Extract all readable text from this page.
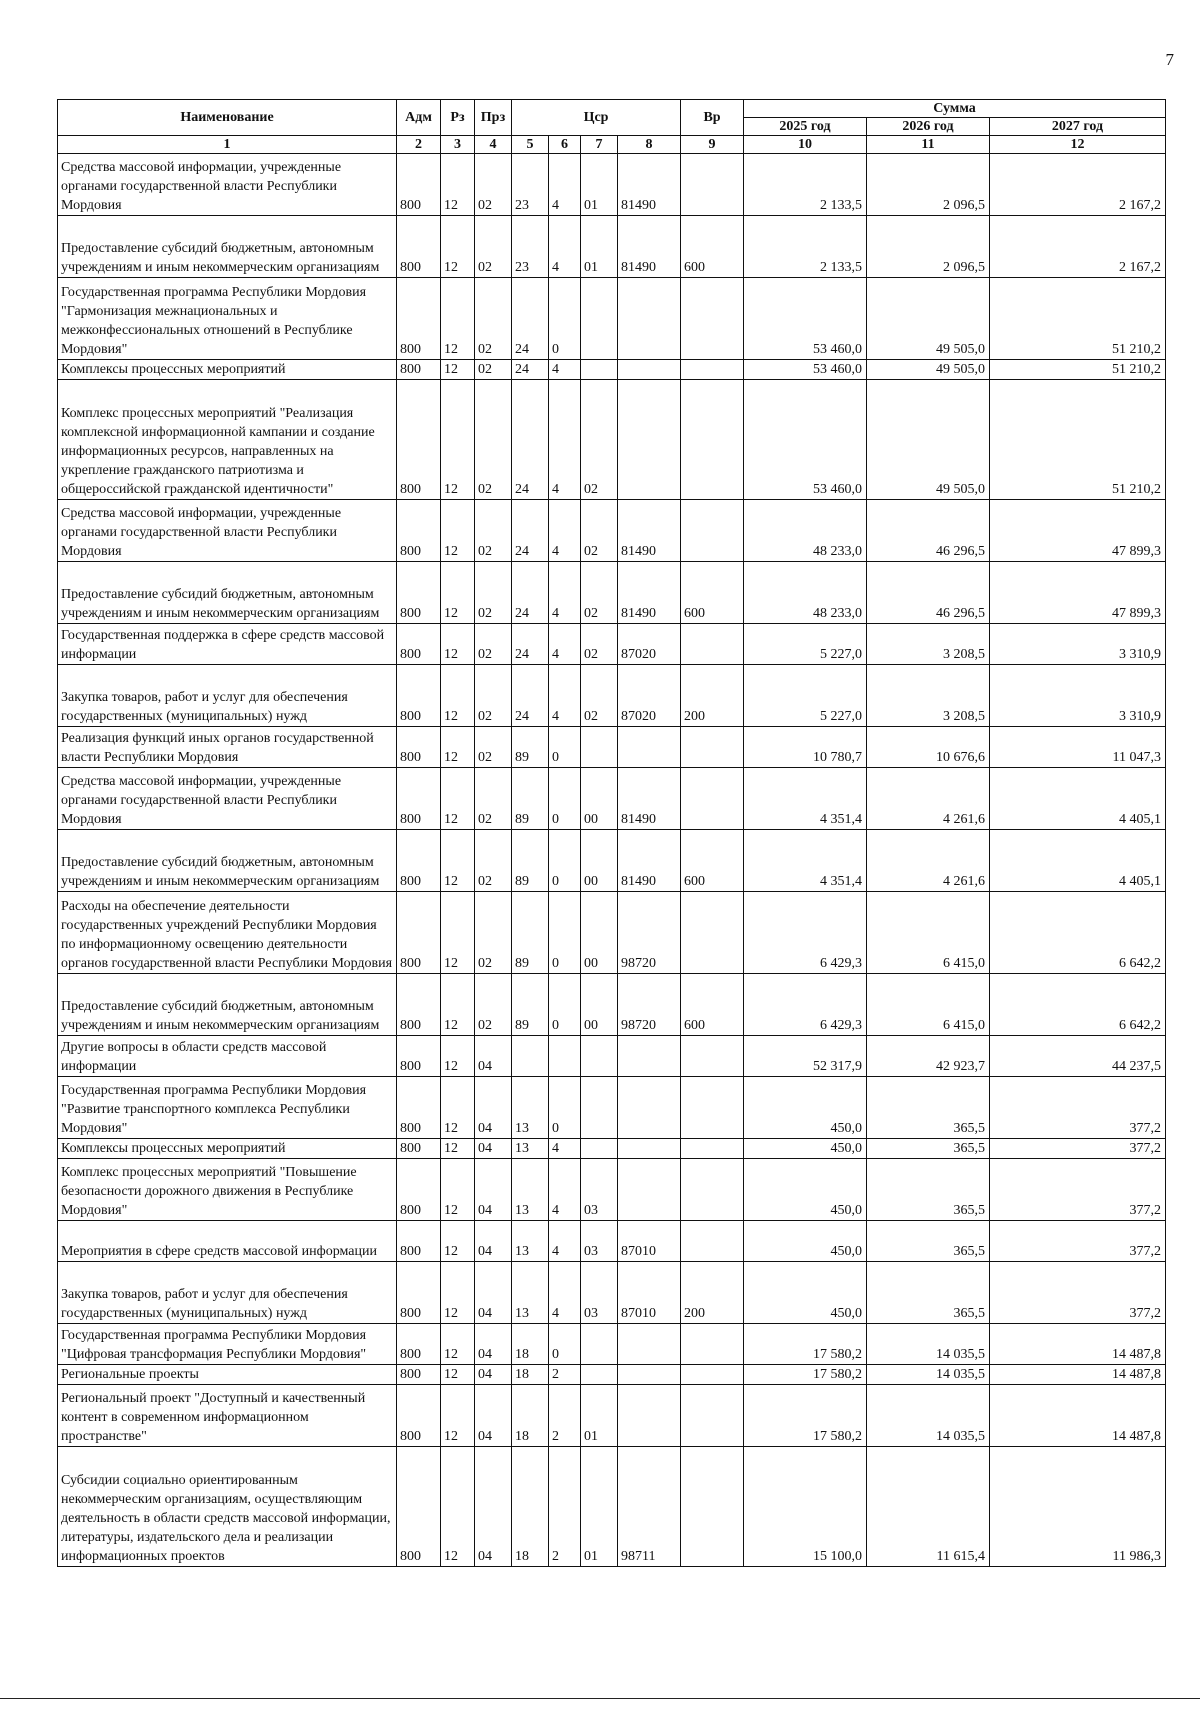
7
Наименование	Адм	Рз	Прз	Цср				Вр	Сумма		
									2025 год	2026 год	2027 год
1	2	3	4	5	6	7	8	9	10	11	12
Средства массовой информации, учрежденные органами государственной власти Республики Мордовия	800	12	02	23	4	01	81490		2 133,5	2 096,5	2 167,2
Предоставление субсидий бюджетным, автономным учреждениям и иным некоммерческим организациям	800	12	02	23	4	01	81490	600	2 133,5	2 096,5	2 167,2
Государственная программа Республики Мордовия "Гармонизация межнациональных и межконфессиональных отношений в Республике Мордовия"	800	12	02	24	0				53 460,0	49 505,0	51 210,2
Комплексы процессных мероприятий	800	12	02	24	4				53 460,0	49 505,0	51 210,2
Комплекс процессных мероприятий "Реализация комплексной информационной кампании и создание информационных ресурсов, направленных на укрепление гражданского патриотизма и общероссийской гражданской идентичности"	800	12	02	24	4	02			53 460,0	49 505,0	51 210,2
Средства массовой информации, учрежденные органами государственной власти Республики Мордовия	800	12	02	24	4	02	81490		48 233,0	46 296,5	47 899,3
Предоставление субсидий бюджетным, автономным учреждениям и иным некоммерческим организациям	800	12	02	24	4	02	81490	600	48 233,0	46 296,5	47 899,3
Государственная поддержка в сфере средств массовой информации	800	12	02	24	4	02	87020		5 227,0	3 208,5	3 310,9
Закупка товаров, работ и услуг для обеспечения государственных (муниципальных) нужд	800	12	02	24	4	02	87020	200	5 227,0	3 208,5	3 310,9
Реализация функций иных органов государственной власти Республики Мордовия	800	12	02	89	0				10 780,7	10 676,6	11 047,3
Средства массовой информации, учрежденные органами государственной власти Республики Мордовия	800	12	02	89	0	00	81490		4 351,4	4 261,6	4 405,1
Предоставление субсидий бюджетным, автономным учреждениям и иным некоммерческим организациям	800	12	02	89	0	00	81490	600	4 351,4	4 261,6	4 405,1
Расходы на обеспечение деятельности государственных учреждений Республики Мордовия по информационному освещению деятельности органов государственной власти Республики Мордовия	800	12	02	89	0	00	98720		6 429,3	6 415,0	6 642,2
Предоставление субсидий бюджетным, автономным учреждениям и иным некоммерческим организациям	800	12	02	89	0	00	98720	600	6 429,3	6 415,0	6 642,2
Другие вопросы в области средств массовой информации	800	12	04						52 317,9	42 923,7	44 237,5
Государственная программа Республики Мордовия "Развитие транспортного комплекса Республики Мордовия"	800	12	04	13	0				450,0	365,5	377,2
Комплексы процессных мероприятий	800	12	04	13	4				450,0	365,5	377,2
Комплекс процессных мероприятий "Повышение безопасности дорожного движения в Республике Мордовия"	800	12	04	13	4	03			450,0	365,5	377,2
Мероприятия в сфере средств массовой информации	800	12	04	13	4	03	87010		450,0	365,5	377,2
Закупка товаров, работ и услуг для обеспечения государственных (муниципальных) нужд	800	12	04	13	4	03	87010	200	450,0	365,5	377,2
Государственная программа Республики Мордовия "Цифровая трансформация Республики Мордовия"	800	12	04	18	0				17 580,2	14 035,5	14 487,8
Региональные проекты	800	12	04	18	2				17 580,2	14 035,5	14 487,8
Региональный проект "Доступный и качественный контент в современном информационном пространстве"	800	12	04	18	2	01			17 580,2	14 035,5	14 487,8
Субсидии социально ориентированным некоммерческим организациям, осуществляющим деятельность в области средств массовой информации, литературы, издательского дела и реализации информационных проектов	800	12	04	18	2	01	98711		15 100,0	11 615,4	11 986,3
